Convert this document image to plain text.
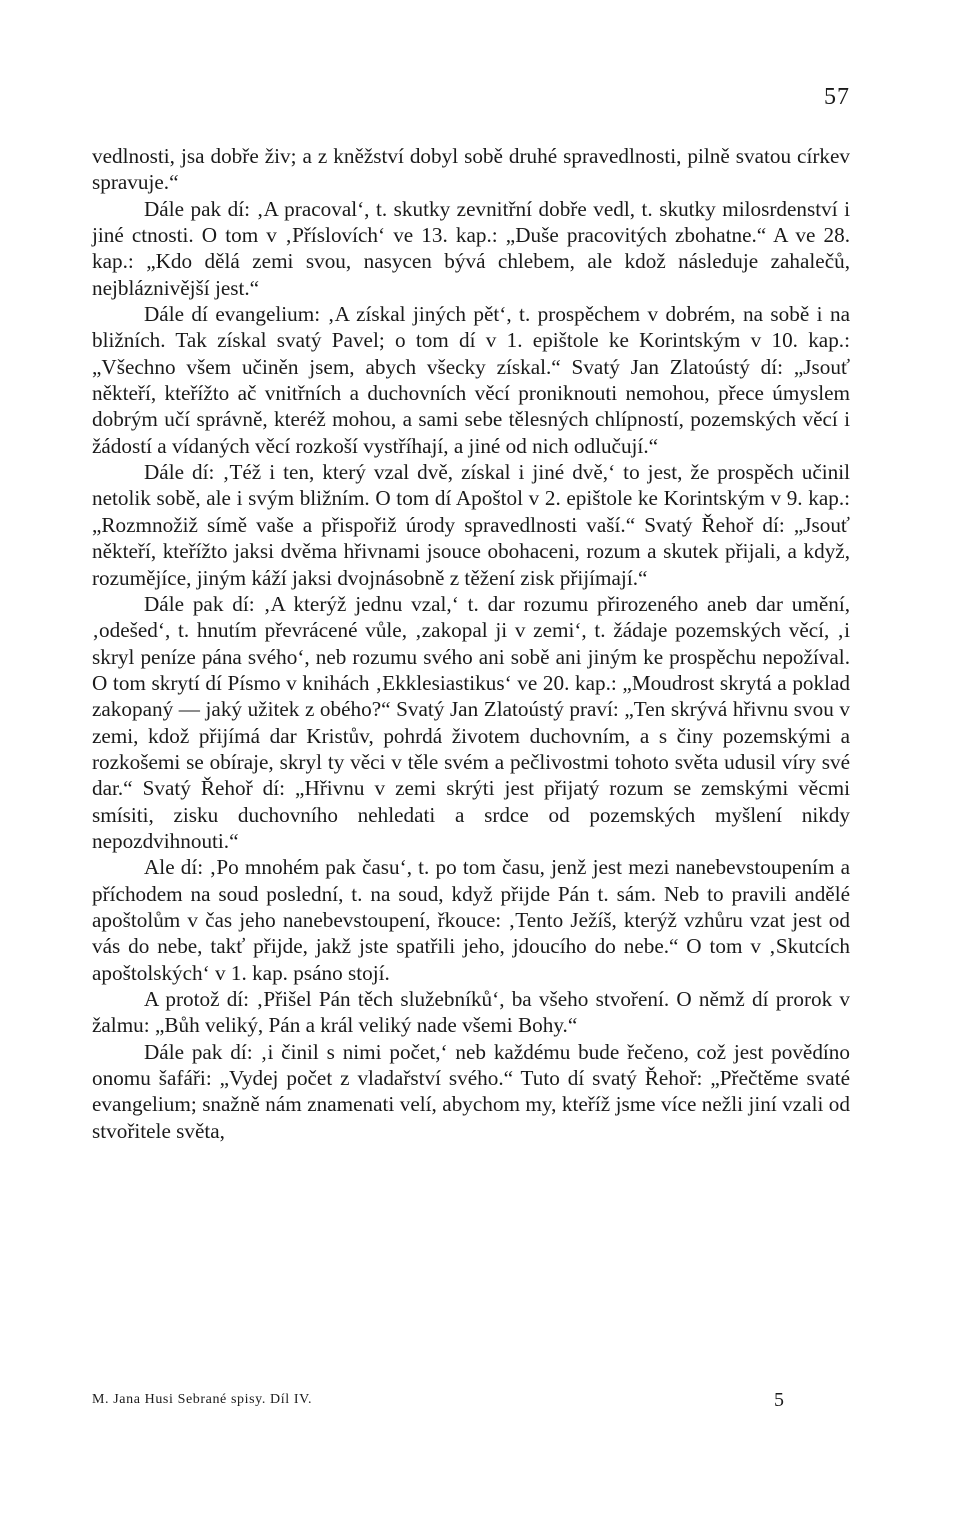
57

vedlnosti, jsa dobře živ; a z kněžství dobyl sobě druhé spravedlnosti, pilně svatou církev spravuje.“

Dále pak dí: ‚A pracoval‘, t. skutky zevnitřní dobře vedl, t. skutky milosrdenství i jiné ctnosti. O tom v ‚Příslovích‘ ve 13. kap.: „Duše pracovitých zbohatne.“ A ve 28. kap.: „Kdo dělá zemi svou, nasycen bývá chlebem, ale kdož následuje zahalečů, nejbláznivější jest.“

Dále dí evangelium: ‚A získal jiných pět‘, t. prospěchem v dobrém, na sobě i na bližních. Tak získal svatý Pavel; o tom dí v 1. epištole ke Korintským v 10. kap.: „Všechno všem učiněn jsem, abych všecky získal.“ Svatý Jan Zlatoústý dí: „Jsouť někteří, kteřížto ač vnitřních a duchovních věcí proniknouti nemohou, přece úmyslem dobrým učí správně, kteréž mohou, a sami sebe tělesných chlípností, pozemských věcí i žádostí a vídaných věcí rozkoší vystříhají, a jiné od nich odlučují.“

Dále dí: ‚Též i ten, který vzal dvě, získal i jiné dvě,‘ to jest, že prospěch učinil netolik sobě, ale i svým bližním. O tom dí Apoštol v 2. epištole ke Korintským v 9. kap.: „Rozmnožiž símě vaše a přispořiž úrody spravedlnosti vaší.“ Svatý Řehoř dí: „Jsouť někteří, kteřížto jaksi dvěma hřivnami jsouce obohaceni, rozum a skutek přijali, a když, rozumějíce, jiným káží jaksi dvojnásobně z těžení zisk přijímají.“

Dále pak dí: ‚A kterýž jednu vzal,‘ t. dar rozumu přirozeného aneb dar umění, ‚odešed‘, t. hnutím převrácené vůle, ‚zakopal ji v zemi‘, t. žádaje pozemských věcí, ‚i skryl peníze pána svého‘, neb rozumu svého ani sobě ani jiným ke prospěchu nepožíval. O tom skrytí dí Písmo v knihách ‚Ekklesiastikus‘ ve 20. kap.: „Moudrost skrytá a poklad zakopaný — jaký užitek z obého?“ Svatý Jan Zlatoústý praví: „Ten skrývá hřivnu svou v zemi, kdož přijímá dar Kristův, pohrdá životem duchovním, a s činy pozemskými a rozkošemi se obíraje, skryl ty věci v těle svém a pečlivostmi tohoto světa udusil víry své dar.“ Svatý Řehoř dí: „Hřivnu v zemi skrýti jest přijatý rozum se zemskými věcmi smísiti, zisku duchovního nehledati a srdce od pozemských myšlení nikdy nepozdvihnouti.“

Ale dí: ‚Po mnohém pak času‘, t. po tom času, jenž jest mezi nanebevstoupením a příchodem na soud poslední, t. na soud, když přijde Pán t. sám. Neb to pravili andělé apoštolům v čas jeho nanebevstoupení, řkouce: ‚Tento Ježíš, kterýž vzhůru vzat jest od vás do nebe, takť přijde, jakž jste spatřili jeho, jdoucího do nebe.“ O tom v ‚Skutcích apoštolských‘ v 1. kap. psáno stojí.

A protož dí: ‚Přišel Pán těch služebníků‘, ba všeho stvoření. O němž dí prorok v žalmu: „Bůh veliký, Pán a král veliký nade všemi Bohy.“

Dále pak dí: ‚i činil s nimi počet,‘ neb každému bude řečeno, což jest povědíno onomu šafáři: „Vydej počet z vladařství svého.“ Tuto dí svatý Řehoř: „Přečtěme svaté evangelium; snažně nám znamenati velí, abychom my, kteříž jsme více nežli jiní vzali od stvořitele světa,

M. Jana Husi Sebrané spisy. Díl IV.	5
